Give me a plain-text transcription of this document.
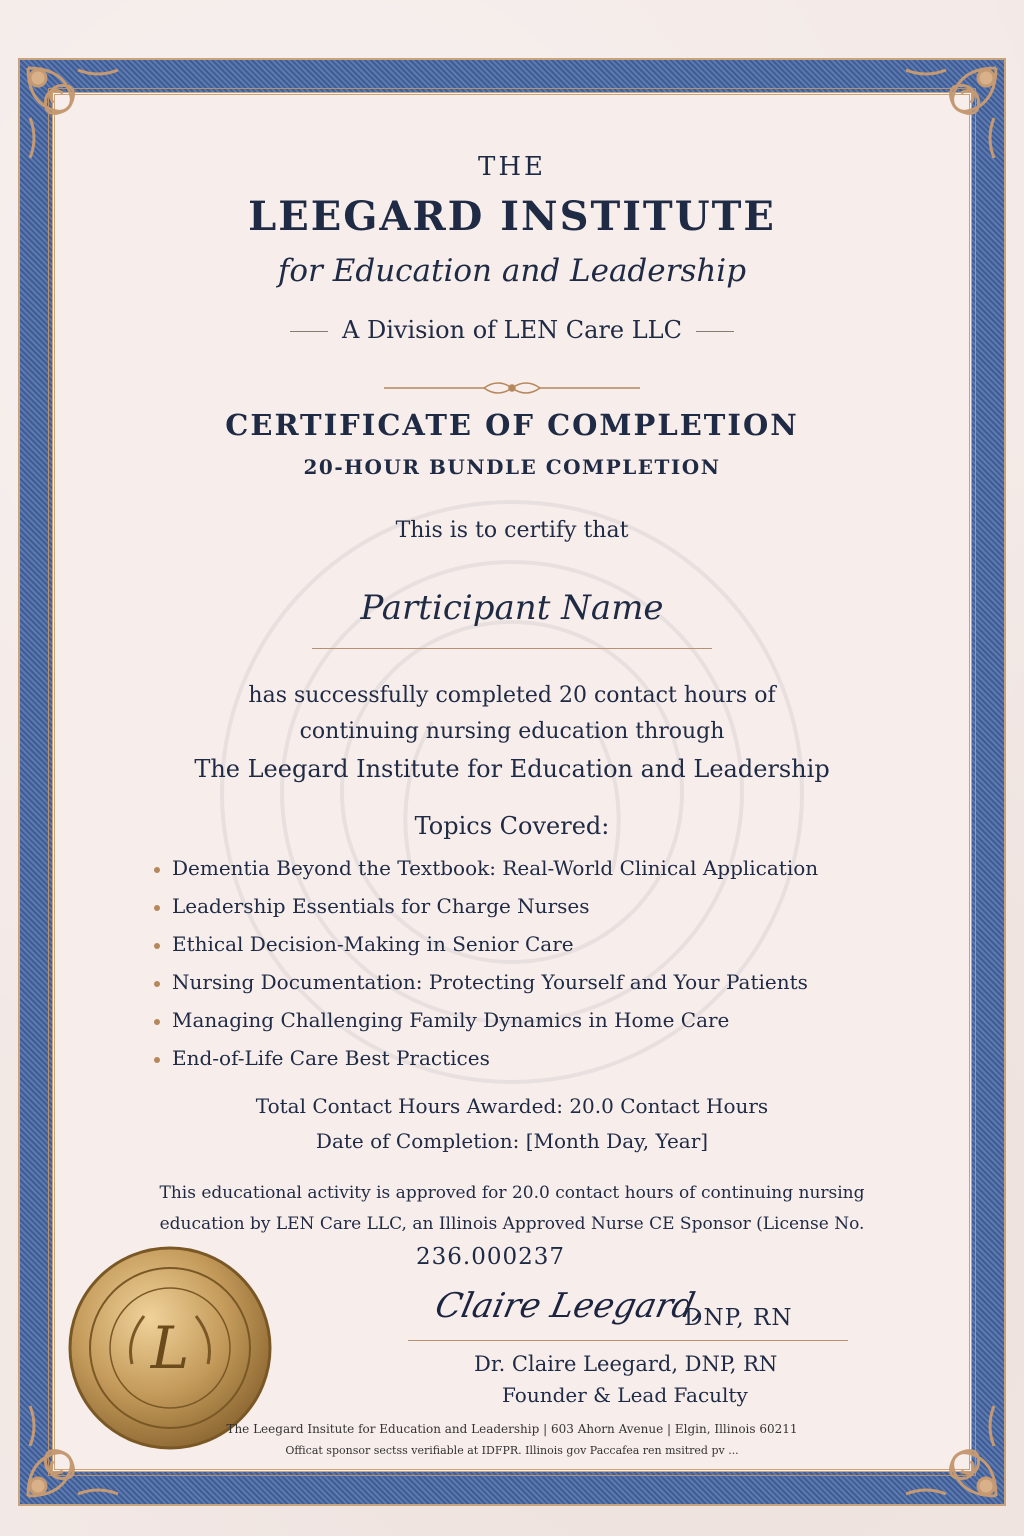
THE
LEEGARD INSTITUTE
for Education and Leadership
A Division of LEN Care LLC
CERTIFICATE OF COMPLETION
20-HOUR BUNDLE COMPLETION
This is to certify that
Participant Name
has successfully completed 20 contact hours of
continuing nursing education through
The Leegard Institute for Education and Leadership
Topics Covered:
Dementia Beyond the Textbook: Real-World Clinical Application
Leadership Essentials for Charge Nurses
Ethical Decision-Making in Senior Care
Nursing Documentation: Protecting Yourself and Your Patients
Managing Challenging Family Dynamics in Home Care
End-of-Life Care Best Practices
Total Contact Hours Awarded: 20.0 Contact Hours
Date of Completion: [Month Day, Year]
This educational activity is approved for 20.0 contact hours of continuing nursing
education by LEN Care LLC, an Illinois Approved Nurse CE Sponsor (License No.
236.000237
Claire Leegard,
DNP, RN
Dr. Claire Leegard, DNP, RN
Founder & Lead Faculty
L
The Leegard Insitute for Education and Leadership | 603 Ahorn Avenue | Elgin, Illinois 60211
Officat sponsor sectss verifiable at IDFPR. Illinois gov Paccafea ren msitred pv ...
